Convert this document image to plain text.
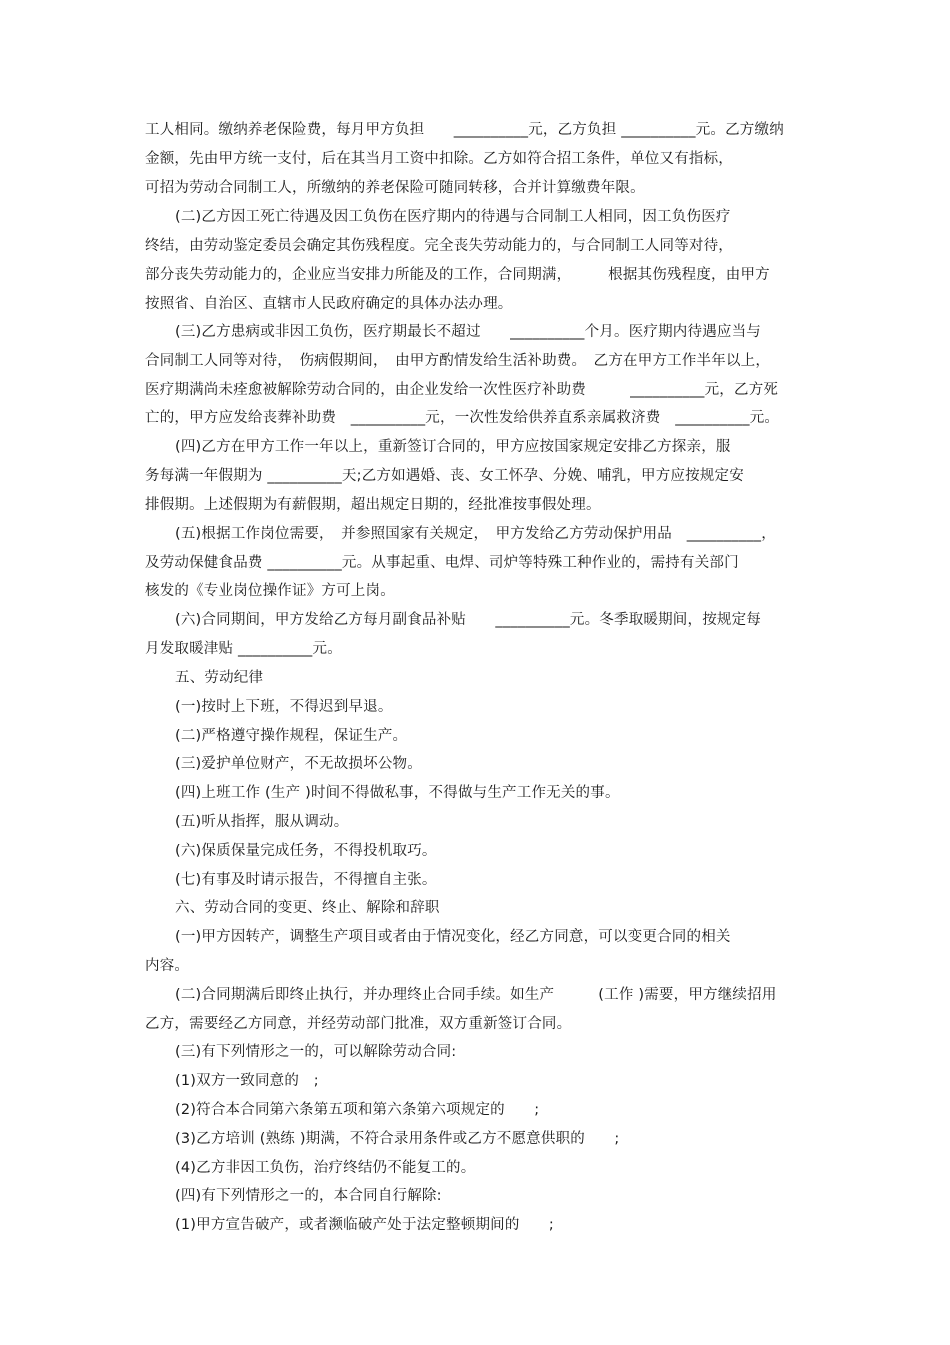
工人相同。缴纳养老保险费，每月甲方负担　　__________元，乙方负担 __________元。乙方缴纳
金额，先由甲方统一支付，后在其当月工资中扣除。乙方如符合招工条件，单位又有指标，
可招为劳动合同制工人，所缴纳的养老保险可随同转移，合并计算缴费年限。
(二)乙方因工死亡待遇及因工负伤在医疗期内的待遇与合同制工人相同，因工负伤医疗
终结，由劳动鉴定委员会确定其伤残程度。完全丧失劳动能力的，与合同制工人同等对待，
部分丧失劳动能力的，企业应当安排力所能及的工作，合同期满，　　　根据其伤残程度，由甲方
按照省、自治区、直辖市人民政府确定的具体办法办理。
(三)乙方患病或非因工负伤，医疗期最长不超过　　__________个月。医疗期内待遇应当与
合同制工人同等对待，　伤病假期间，　由甲方酌情发给生活补助费。　乙方在甲方工作半年以上，
医疗期满尚未痊愈被解除劳动合同的，由企业发给一次性医疗补助费　　　__________元，乙方死
亡的，甲方应发给丧葬补助费　__________元，一次性发给供养直系亲属救济费　__________元。
(四)乙方在甲方工作一年以上，重新签订合同的，甲方应按国家规定安排乙方探亲，服
务每满一年假期为 __________天;乙方如遇婚、丧、女工怀孕、分娩、哺乳，甲方应按规定安
排假期。上述假期为有薪假期，超出规定日期的，经批准按事假处理。
(五)根据工作岗位需要，　并参照国家有关规定，　甲方发给乙方劳动保护用品　__________，
及劳动保健食品费 __________元。从事起重、电焊、司炉等特殊工种作业的，需持有关部门
核发的《专业岗位操作证》方可上岗。
(六)合同期间，甲方发给乙方每月副食品补贴　　__________元。冬季取暖期间，按规定每
月发取暖津贴 __________元。
五、劳动纪律
(一)按时上下班，不得迟到早退。
(二)严格遵守操作规程，保证生产。
(三)爱护单位财产，不无故损坏公物。
(四)上班工作 (生产 )时间不得做私事，不得做与生产工作无关的事。
(五)听从指挥，服从调动。
(六)保质保量完成任务，不得投机取巧。
(七)有事及时请示报告，不得擅自主张。
六、劳动合同的变更、终止、解除和辞职
(一)甲方因转产，调整生产项目或者由于情况变化，经乙方同意，可以变更合同的相关
内容。
(二)合同期满后即终止执行，并办理终止合同手续。如生产　　　(工作 )需要，甲方继续招用
乙方，需要经乙方同意，并经劳动部门批准，双方重新签订合同。
(三)有下列情形之一的，可以解除劳动合同:
(1)双方一致同意的　;
(2)符合本合同第六条第五项和第六条第六项规定的　　;
(3)乙方培训 (熟练 )期满，不符合录用条件或乙方不愿意供职的　　;
(4)乙方非因工负伤，治疗终结仍不能复工的。
(四)有下列情形之一的，本合同自行解除:
(1)甲方宣告破产，或者濒临破产处于法定整顿期间的　　;
